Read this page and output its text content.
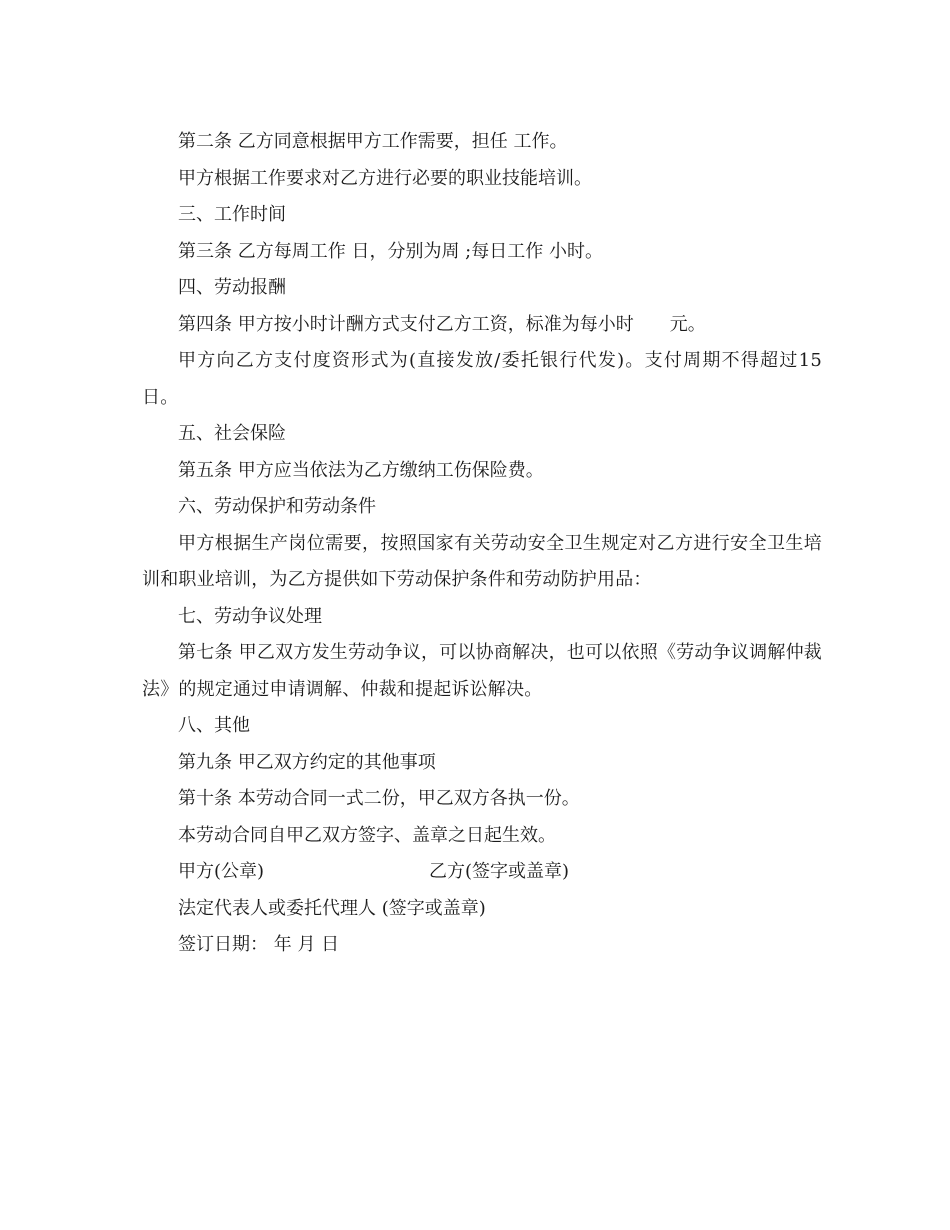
第二条 乙方同意根据甲方工作需要，担任 工作。
甲方根据工作要求对乙方进行必要的职业技能培训。
三、工作时间
第三条 乙方每周工作 日，分别为周 ;每日工作 小时。
四、劳动报酬
第四条 甲方按小时计酬方式支付乙方工资，标准为每小时　　元。
甲方向乙方支付度资形式为(直接发放/委托银行代发)。支付周期不得超过15日。
五、社会保险
第五条 甲方应当依法为乙方缴纳工伤保险费。
六、劳动保护和劳动条件
甲方根据生产岗位需要，按照国家有关劳动安全卫生规定对乙方进行安全卫生培训和职业培训，为乙方提供如下劳动保护条件和劳动防护用品：
七、劳动争议处理
第七条 甲乙双方发生劳动争议，可以协商解决，也可以依照《劳动争议调解仲裁法》的规定通过申请调解、仲裁和提起诉讼解决。
八、其他
第九条 甲乙双方约定的其他事项
第十条 本劳动合同一式二份，甲乙双方各执一份。
本劳动合同自甲乙双方签字、盖章之日起生效。
甲方(公章)	乙方(签字或盖章)
法定代表人或委托代理人 (签字或盖章)
签订日期： 年 月 日
